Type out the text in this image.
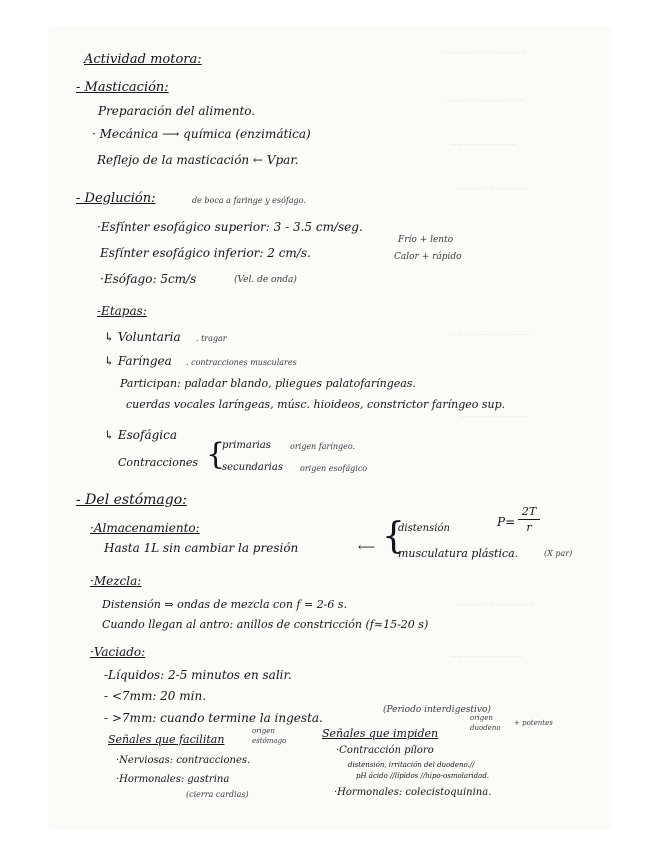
~~~~~~~~~~~~~
~~~~~~~~~~~~
~~~~~~~~~~
~~~~~~~~~~~
~~~~~~~~~~~~
~~~~~~~~~~
~~~~~~~~~~~~
~~~~~~~~~~~
Actividad motora:
- Masticación:
Preparación del alimento.
· Mecánica ⟶ química (enzimática)
Reflejo de la masticación ← Ⅴpar.
- Deglución:	de boca a faringe y esófago.
·Esfínter esofágico superior: 3 - 3.5 cm/seg.
Esfínter esofágico inferior: 2 cm/s.
Frío + lento
Calor + rápido
·Esófago: 5cm/s	(Vel. de onda)
-Etapas:
↳ Voluntaria . tragar
↳ Faríngea . contracciones musculares
Participan: paladar blando, pliegues palatofaríngeas.
cuerdas vocales laríngeas, músc. hioideos, constrictor faríngeo sup.
↳ Esofágica
Contracciones {
primarias origen faríngeo.
secundarias origen esofágico
- Del estómago:
·Almacenamiento:
Hasta 1L sin cambiar la presión	⟵ {
distensión
musculatura plástica.	(Ⅹ par)
P=
2T
r
·Mezcla:
Distensión ⇒ ondas de mezcla con f = 2-6 s.
Cuando llegan al antro: anillos de constricción (f≈15-20 s)
·Vaciado:
-Líquidos: 2-5 minutos en salir.
- <7mm: 20 min.
- >7mm: cuando termine la ingesta.
(Periodo interdigestivo)
Señales que facilitan
origen
estómago
Señales que impiden
origen
duodeno
+ potentes
·Nerviosas: contracciones.
·Hormonales: gastrina
(cierra cardias)
·Contracción píloro
distensión, irritación del duodeno.//
pH ácido //lípidos //hipo-osmolaridad.
·Hormonales: colecistoquinina.
